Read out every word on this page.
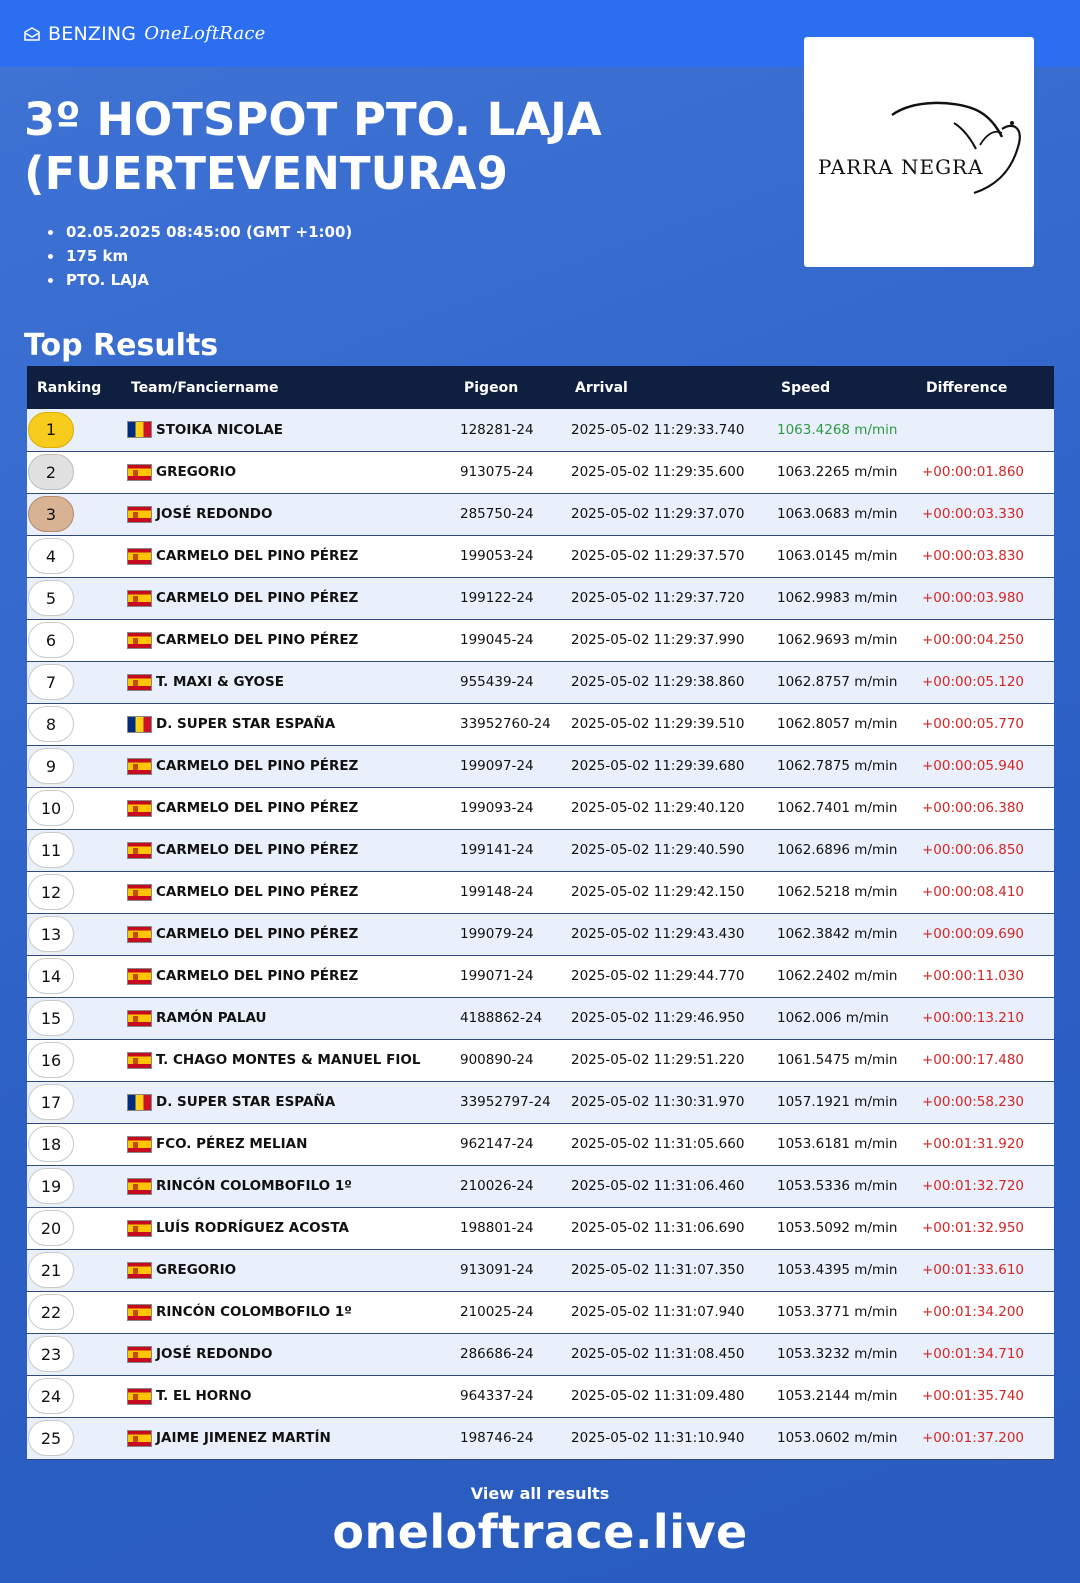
BENZING OneLoftRace
PARRA NEGRA
3º HOTSPOT PTO. LAJA (FUERTEVENTURA9
• 02.05.2025 08:45:00 (GMT +1:00)
• 175 km
• PTO. LAJA
Top Results
Ranking	Team/Fanciername	Pigeon	Arrival	Speed	Difference

1	STOIKA NICOLAE	128281-24	2025-05-02 11:29:33.740	1063.4268 m/min	

2	GREGORIO	913075-24	2025-05-02 11:29:35.600	1063.2265 m/min	+00:00:01.860

3	JOSÉ REDONDO	285750-24	2025-05-02 11:29:37.070	1063.0683 m/min	+00:00:03.330

4	CARMELO DEL PINO PÉREZ	199053-24	2025-05-02 11:29:37.570	1063.0145 m/min	+00:00:03.830

5	CARMELO DEL PINO PÉREZ	199122-24	2025-05-02 11:29:37.720	1062.9983 m/min	+00:00:03.980

6	CARMELO DEL PINO PÉREZ	199045-24	2025-05-02 11:29:37.990	1062.9693 m/min	+00:00:04.250

7	T. MAXI & GYOSE	955439-24	2025-05-02 11:29:38.860	1062.8757 m/min	+00:00:05.120

8	D. SUPER STAR ESPAÑA	33952760-24	2025-05-02 11:29:39.510	1062.8057 m/min	+00:00:05.770

9	CARMELO DEL PINO PÉREZ	199097-24	2025-05-02 11:29:39.680	1062.7875 m/min	+00:00:05.940

10	CARMELO DEL PINO PÉREZ	199093-24	2025-05-02 11:29:40.120	1062.7401 m/min	+00:00:06.380

11	CARMELO DEL PINO PÉREZ	199141-24	2025-05-02 11:29:40.590	1062.6896 m/min	+00:00:06.850

12	CARMELO DEL PINO PÉREZ	199148-24	2025-05-02 11:29:42.150	1062.5218 m/min	+00:00:08.410

13	CARMELO DEL PINO PÉREZ	199079-24	2025-05-02 11:29:43.430	1062.3842 m/min	+00:00:09.690

14	CARMELO DEL PINO PÉREZ	199071-24	2025-05-02 11:29:44.770	1062.2402 m/min	+00:00:11.030

15	RAMÓN PALAU	4188862-24	2025-05-02 11:29:46.950	1062.006 m/min	+00:00:13.210

16	T. CHAGO MONTES & MANUEL FIOL	900890-24	2025-05-02 11:29:51.220	1061.5475 m/min	+00:00:17.480

17	D. SUPER STAR ESPAÑA	33952797-24	2025-05-02 11:30:31.970	1057.1921 m/min	+00:00:58.230

18	FCO. PÉREZ MELIAN	962147-24	2025-05-02 11:31:05.660	1053.6181 m/min	+00:01:31.920

19	RINCÓN COLOMBOFILO 1º	210026-24	2025-05-02 11:31:06.460	1053.5336 m/min	+00:01:32.720

20	LUÍS RODRÍGUEZ ACOSTA	198801-24	2025-05-02 11:31:06.690	1053.5092 m/min	+00:01:32.950

21	GREGORIO	913091-24	2025-05-02 11:31:07.350	1053.4395 m/min	+00:01:33.610

22	RINCÓN COLOMBOFILO 1º	210025-24	2025-05-02 11:31:07.940	1053.3771 m/min	+00:01:34.200

23	JOSÉ REDONDO	286686-24	2025-05-02 11:31:08.450	1053.3232 m/min	+00:01:34.710

24	T. EL HORNO	964337-24	2025-05-02 11:31:09.480	1053.2144 m/min	+00:01:35.740

25	JAIME JIMENEZ MARTÍN	198746-24	2025-05-02 11:31:10.940	1053.0602 m/min	+00:01:37.200
View all results
oneloftrace.live
